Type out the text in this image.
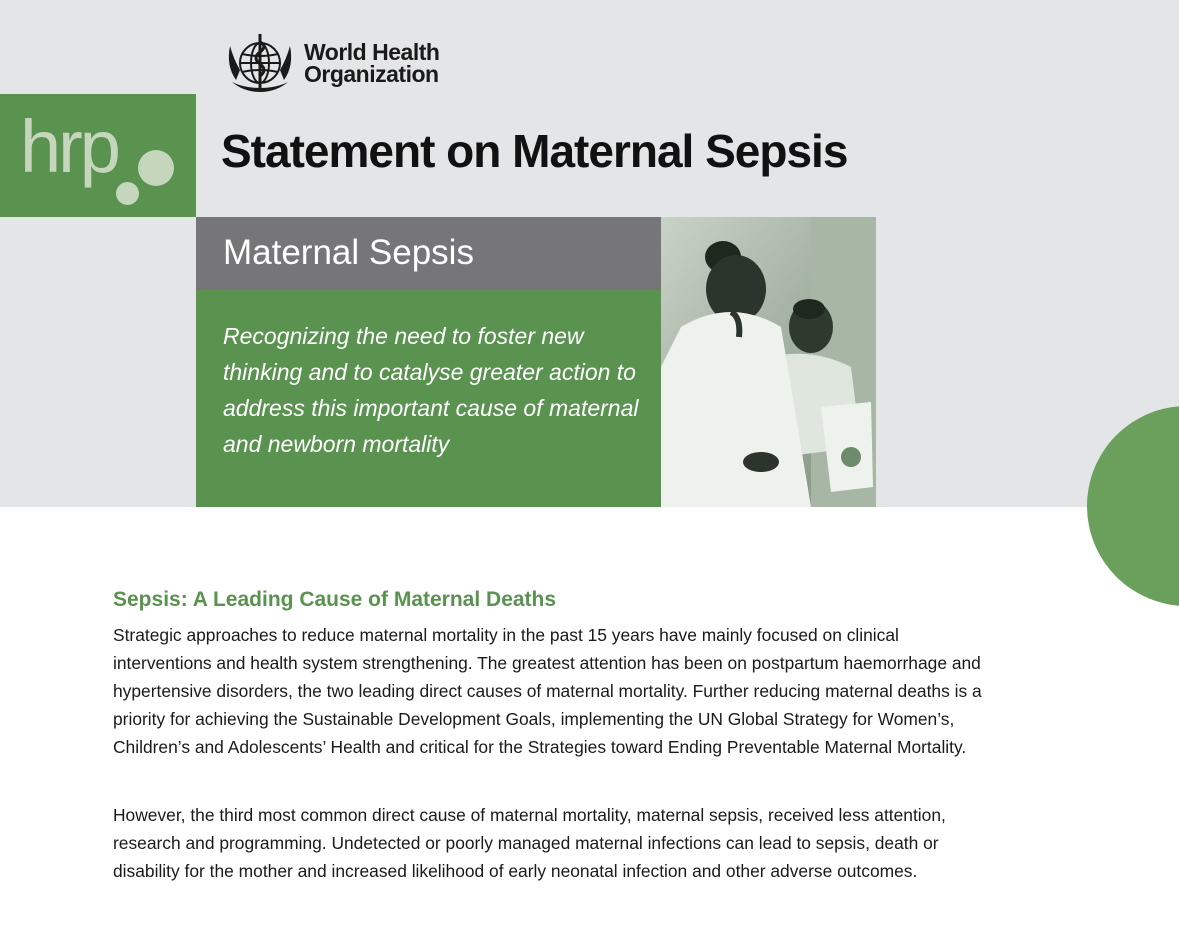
World Health
Organization
hrp Statement on Maternal Sepsis
Maternal Sepsis
Recognizing the need to foster new thinking and to catalyse greater action to address this important cause of maternal and newborn mortality
Sepsis: A Leading Cause of Maternal Deaths

Strategic approaches to reduce maternal mortality in the past 15 years have mainly focused on clinical interventions and health system strengthening. The greatest attention has been on postpartum haemorrhage and hypertensive disorders, the two leading direct causes of maternal mortality. Further reducing maternal deaths is a priority for achieving the Sustainable Development Goals, implementing the UN Global Strategy for Women’s, Children’s and Adolescents’ Health and critical for the Strategies toward Ending Preventable Maternal Mortality.

However, the third most common direct cause of maternal mortality, maternal sepsis, received less attention, research and programming. Undetected or poorly managed maternal infections can lead to sepsis, death or disability for the mother and increased likelihood of early neonatal infection and other adverse outcomes.
